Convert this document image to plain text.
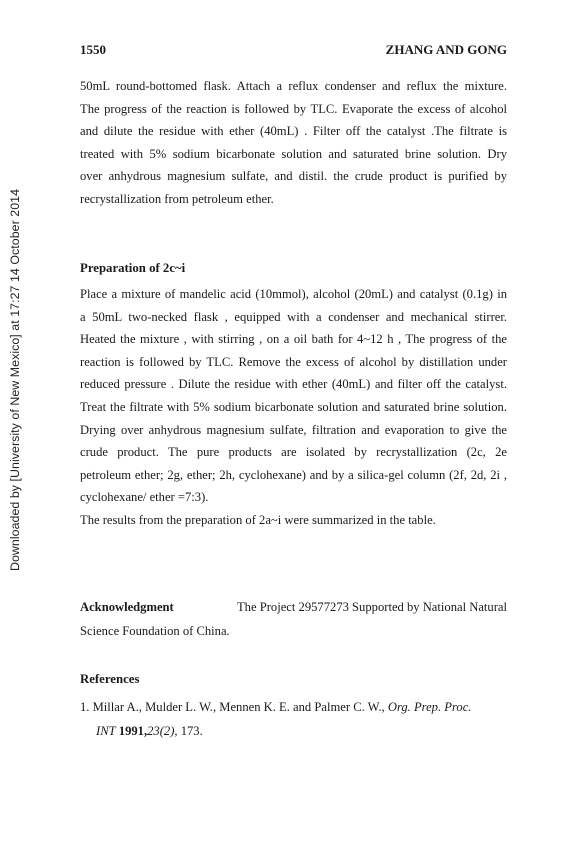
Downloaded by [University of New Mexico] at 17:27 14 October 2014
1550	ZHANG AND GONG
50mL round-bottomed flask. Attach a reflux condenser and reflux the mixture.
The progress of the reaction is followed by TLC. Evaporate the excess of alcohol
and dilute the residue with ether (40mL) . Filter off the catalyst .The filtrate is
treated with 5% sodium bicarbonate solution and saturated brine solution. Dry
over anhydrous magnesium sulfate, and distil. the crude product is purified by
recrystallization from petroleum ether.
Preparation of 2c~i
Place a mixture of mandelic acid (10mmol), alcohol (20mL) and catalyst (0.1g) in
a 50mL two-necked flask , equipped with a condenser and mechanical stirrer.
Heated the mixture , with stirring , on a oil bath for 4~12 h , The progress of the
reaction is followed by TLC. Remove the excess of alcohol by distillation under
reduced pressure . Dilute the residue with ether (40mL) and filter off the catalyst.
Treat the filtrate with 5% sodium bicarbonate solution and saturated brine solution.
Drying over anhydrous magnesium sulfate, filtration and evaporation to give the
crude product. The pure products are isolated by recrystallization (2c, 2e
petroleum ether; 2g, ether; 2h, cyclohexane) and by a silica-gel column (2f, 2d, 2i ,
cyclohexane/ ether =7:3).
The results from the preparation of 2a~i were summarized in the table.
Acknowledgment	The Project 29577273 Supported by National Natural
Science Foundation of China.
References
1. Millar A., Mulder L. W., Mennen K. E. and Palmer C. W., Org. Prep. Proc.
INT 1991,23(2), 173.
